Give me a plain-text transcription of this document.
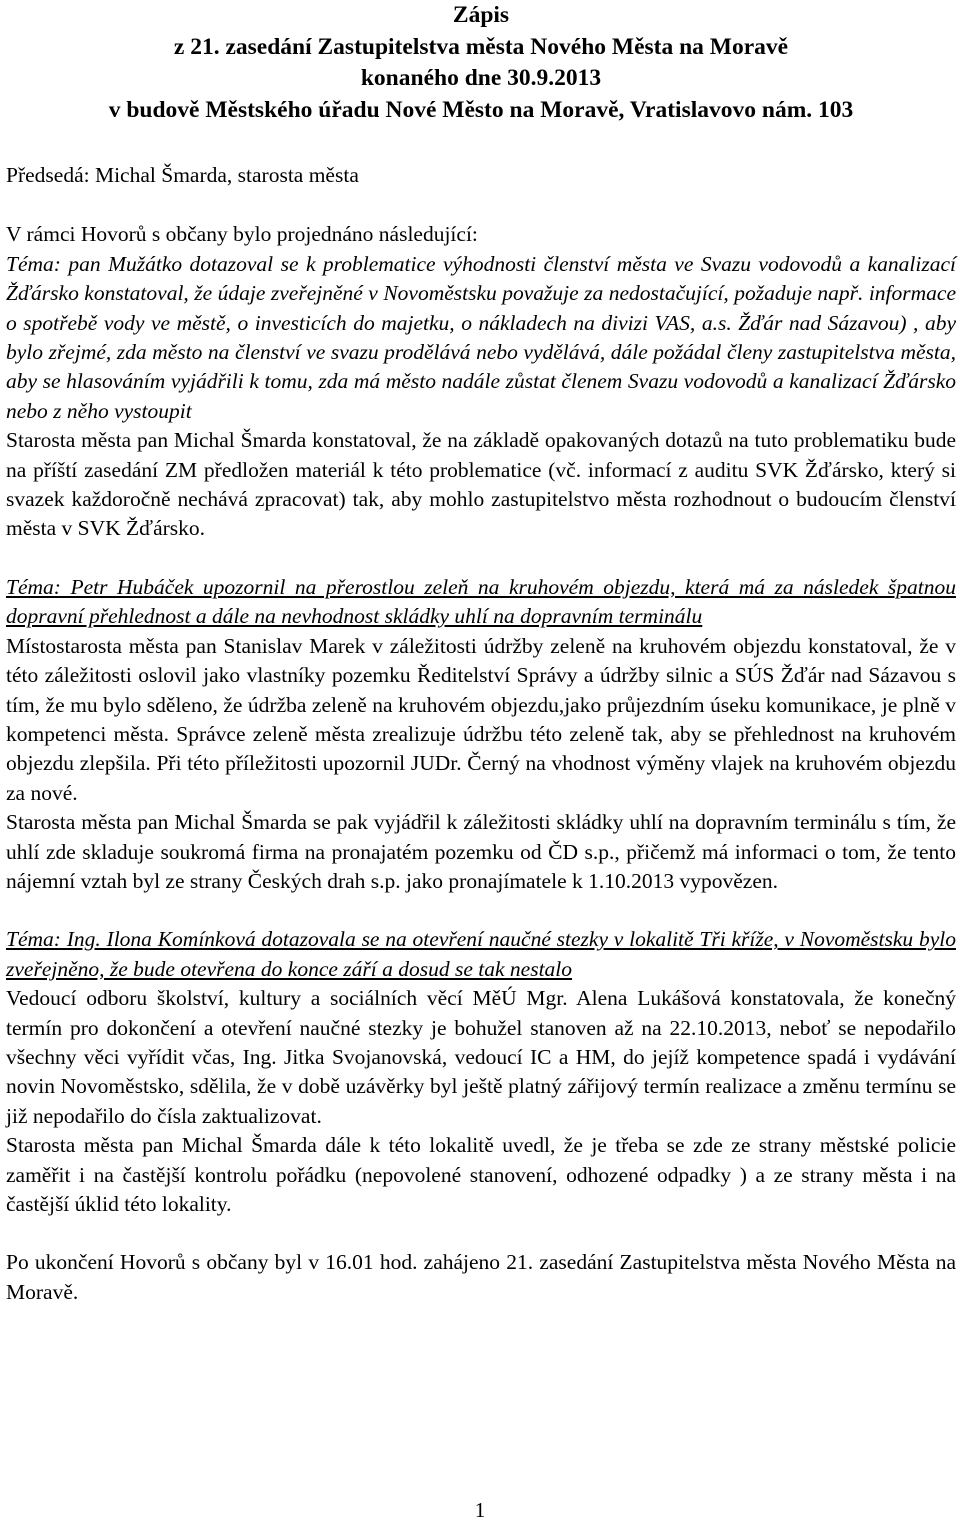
Zápis
z 21. zasedání Zastupitelstva města Nového Města na Moravě
konaného dne 30.9.2013
v budově Městského úřadu Nové Město na Moravě, Vratislavovo nám. 103

Předsedá: Michal Šmarda, starosta města

V rámci Hovorů s občany bylo projednáno následující:

Téma: pan Mužátko dotazoval se k problematice výhodnosti členství města ve Svazu vodovodů a kanalizací Žďársko konstatoval, že údaje zveřejněné v Novoměstsku považuje za nedostačující, požaduje např. informace o spotřebě vody ve městě, o investicích do majetku, o nákladech na divizi VAS, a.s. Žďár nad Sázavou) , aby bylo zřejmé, zda město na členství ve svazu prodělává nebo vydělává, dále požádal členy zastupitelstva města, aby se hlasováním vyjádřili k tomu, zda má město nadále zůstat členem Svazu vodovodů a kanalizací Žďársko nebo z něho vystoupit

Starosta města pan Michal Šmarda konstatoval, že na základě opakovaných dotazů na tuto problematiku bude na příští zasedání ZM předložen materiál k této problematice (vč. informací z auditu SVK Žďársko, který si svazek každoročně nechává zpracovat) tak, aby mohlo zastupitelstvo města rozhodnout o budoucím členství města v SVK Žďársko.

Téma: Petr Hubáček upozornil na přerostlou zeleň na kruhovém objezdu, která má za následek špatnou dopravní přehlednost a dále na nevhodnost skládky uhlí na dopravním terminálu

Místostarosta města pan Stanislav Marek v záležitosti údržby zeleně na kruhovém objezdu konstatoval, že v této záležitosti oslovil jako vlastníky pozemku Ředitelství Správy a údržby silnic a SÚS Žďár nad Sázavou s tím, že mu bylo sděleno, že údržba zeleně na kruhovém objezdu,jako průjezdním úseku komunikace, je plně v kompetenci města. Správce zeleně města zrealizuje údržbu této zeleně tak, aby se přehlednost na kruhovém objezdu zlepšila. Při této příležitosti upozornil JUDr. Černý na vhodnost výměny vlajek na kruhovém objezdu za nové.

Starosta města pan Michal Šmarda se pak vyjádřil k záležitosti skládky uhlí na dopravním terminálu s tím, že uhlí zde skladuje soukromá firma na pronajatém pozemku od ČD s.p., přičemž má informaci o tom, že tento nájemní vztah byl ze strany Českých drah s.p. jako pronajímatele k 1.10.2013 vypovězen.

Téma: Ing. Ilona Komínková dotazovala se na otevření naučné stezky v lokalitě Tři kříže, v Novoměstsku bylo zveřejněno, že bude otevřena do konce září a dosud se tak nestalo

Vedoucí odboru školství, kultury a sociálních věcí MěÚ Mgr. Alena Lukášová konstatovala, že konečný termín pro dokončení a otevření naučné stezky je bohužel stanoven až na 22.10.2013, neboť se nepodařilo všechny věci vyřídit včas, Ing. Jitka Svojanovská, vedoucí IC a HM, do jejíž kompetence spadá i vydávání novin Novoměstsko, sdělila, že v době uzávěrky byl ještě platný zářijový termín realizace a změnu termínu se již nepodařilo do čísla zaktualizovat.

Starosta města pan Michal Šmarda dále k této lokalitě uvedl, že je třeba se zde ze strany městské policie zaměřit i na častější kontrolu pořádku (nepovolené stanovení, odhozené odpadky ) a ze strany města i na častější úklid této lokality.

Po ukončení Hovorů s občany byl v 16.01 hod. zahájeno 21. zasedání Zastupitelstva města Nového Města na Moravě.

1
